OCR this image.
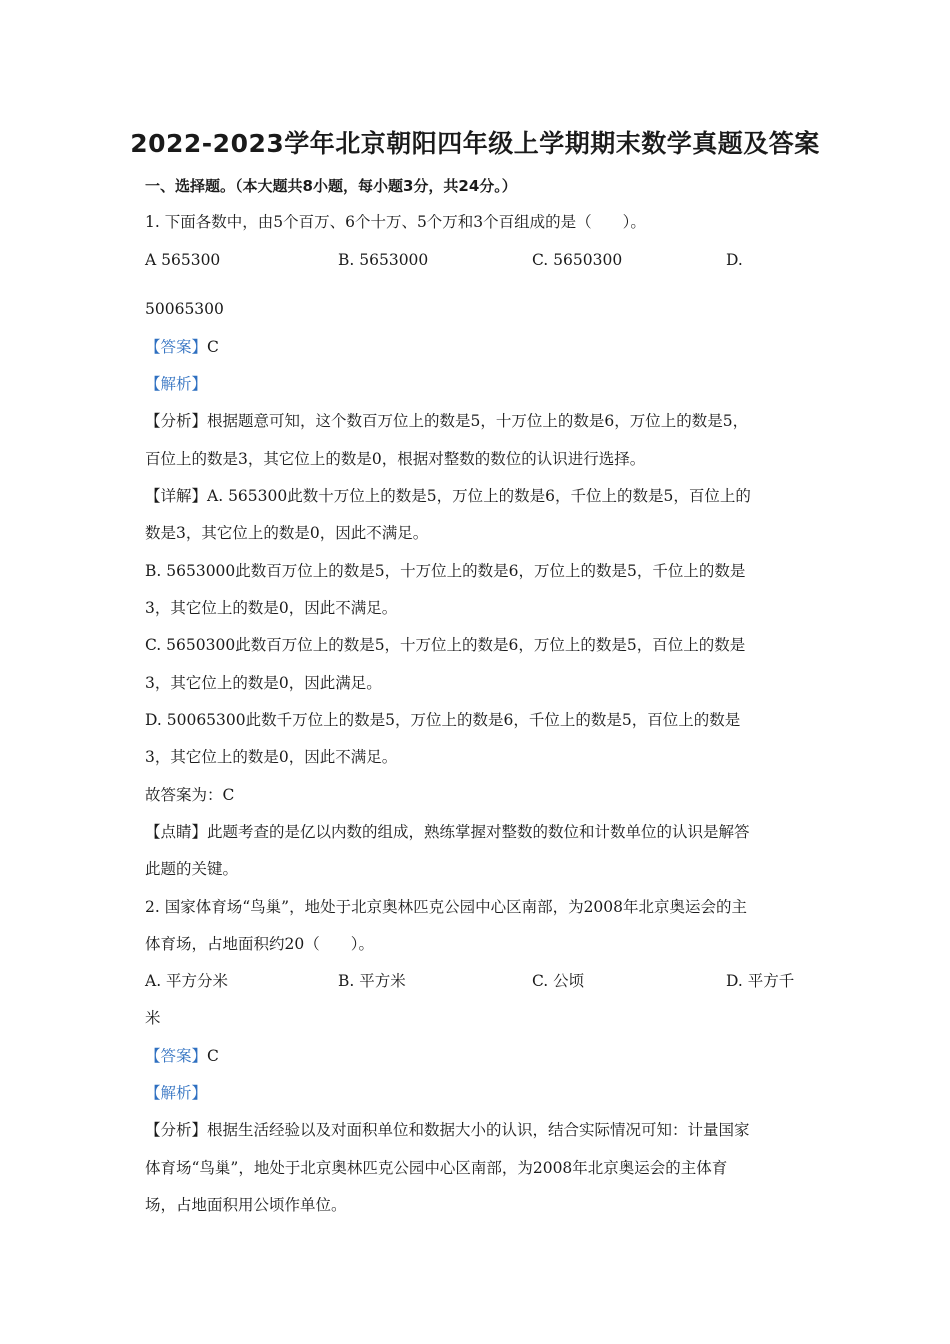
2022-2023学年北京朝阳四年级上学期期末数学真题及答案
一、选择题。（本大题共8小题，每小题3分，共24分。）
1. 下面各数中，由5个百万、6个十万、5个万和3个百组成的是（　　）。
A 565300	B. 5653000	C. 5650300	D.
50065300
【答案】C
【解析】
【分析】根据题意可知，这个数百万位上的数是5，十万位上的数是6，万位上的数是5，
百位上的数是3，其它位上的数是0，根据对整数的数位的认识进行选择。
【详解】A. 565300此数十万位上的数是5，万位上的数是6，千位上的数是5，百位上的
数是3，其它位上的数是0，因此不满足。
B. 5653000此数百万位上的数是5，十万位上的数是6，万位上的数是5，千位上的数是
3，其它位上的数是0，因此不满足。
C. 5650300此数百万位上的数是5，十万位上的数是6，万位上的数是5，百位上的数是
3，其它位上的数是0，因此满足。
D. 50065300此数千万位上的数是5，万位上的数是6，千位上的数是5，百位上的数是
3，其它位上的数是0，因此不满足。
故答案为：C
【点睛】此题考查的是亿以内数的组成，熟练掌握对整数的数位和计数单位的认识是解答
此题的关键。
2. 国家体育场“鸟巢”，地处于北京奥林匹克公园中心区南部，为2008年北京奥运会的主
体育场，占地面积约20（　　）。
A. 平方分米	B. 平方米	C. 公顷	D. 平方千
米
【答案】C
【解析】
【分析】根据生活经验以及对面积单位和数据大小的认识，结合实际情况可知：计量国家
体育场“鸟巢”，地处于北京奥林匹克公园中心区南部，为2008年北京奥运会的主体育
场，占地面积用公顷作单位。
